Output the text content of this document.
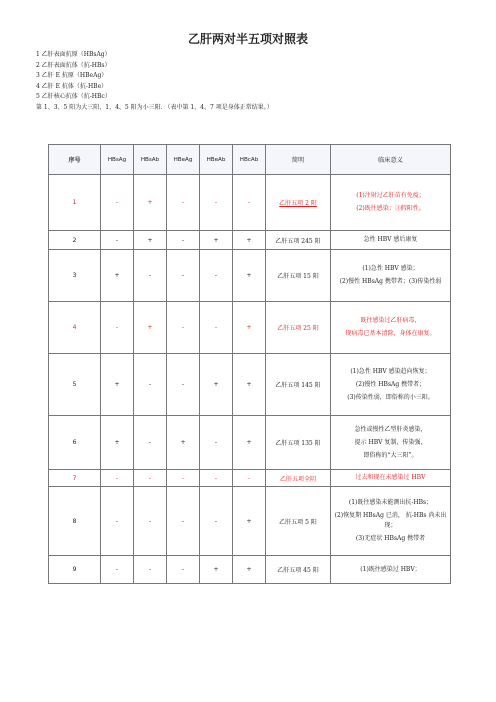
乙肝两对半五项对照表
1 乙肝表面抗原（HBsAg）
2 乙肝表面抗体（抗-HBs）
3 乙肝 E 抗原（HBeAg）
4 乙肝 E 抗体（抗-HBe）
5 乙肝核心抗体（抗-HBc）
第 1、3、5 阳为大三阳，1、4、5 阳为小三阳. （表中第 1、4、7 项是身体正常结果。）
序号	HBsAg	HBsAb	HBeAg	HBeAb	HBcAb	简明	临床意义
1	-	+	-	-	-	乙肝五项 2 阳	(1)注射过乙肝苗有免疫；
(2)既往感染；③假阳性。

2	-	+	-	+	+	乙肝五项 245 阳	急性 HBV 感后康复

3	+	-	-	-	+	乙肝五项 15 阳	(1)急性 HBV 感染；
(2)慢性 HBsAg 携带者；(3)传染性弱

4	-	+	-	-	+	乙肝五项 25 阳	既往感染过乙肝病毒，
现病毒已基本清除，身体在康复。

5	+	-	-	+	+	乙肝五项 145 阳	(1)急性 HBV 感染趋向恢复；
(2)慢性 HBsAg 携带者；
(3)传染性弱，即俗称的小三阳。

6	+	-	+	-	+	乙肝五项 135 阳	急性或慢性乙型肝炎感染，
提示 HBV 复制，传染强，
即俗称的“大三阳”。

7	-	-	-	-	-	乙肝五项全阴	过去和现在未感染过 HBV

8	-	-	-	-	+	乙肝五项 5 阳	(1)既往感染未能测出抗-HBs；
(2)恢复期 HBsAg 已消， 抗-HBs 尚未出现；
(3)无症状 HBsAg 携带者

9	-	-	-	+	+	乙肝五项 45 阳	(1)既往感染过 HBV；
